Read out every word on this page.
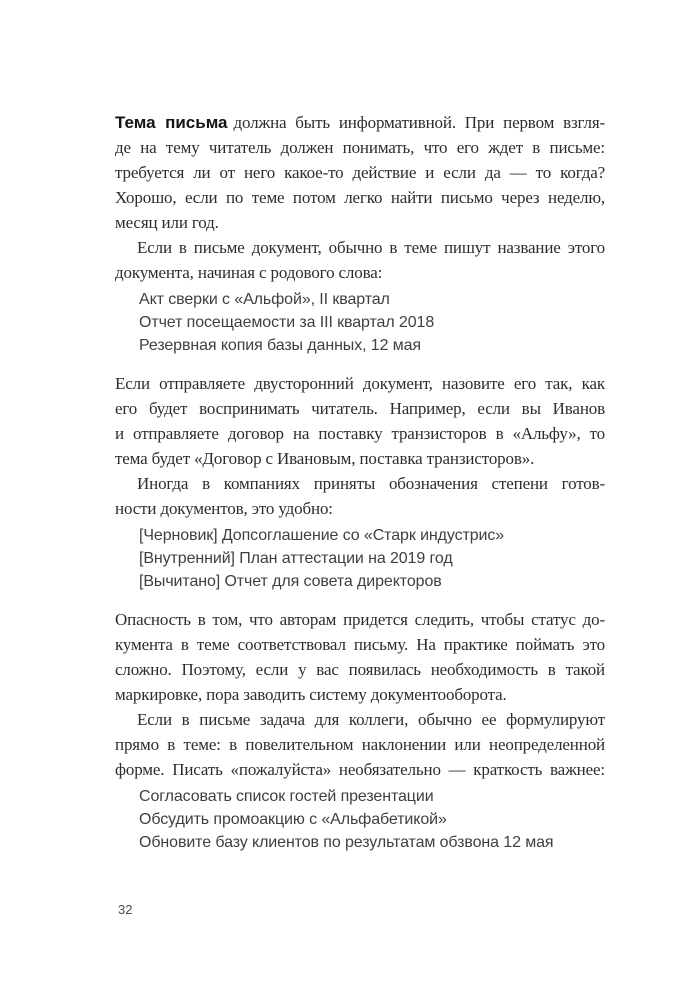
Тема письма должна быть информативной. При первом взгля-
де на тему читатель должен понимать, что его ждет в письме:
требуется ли от него какое-то действие и если да — то когда?
Хорошо, если по теме потом легко найти письмо через неделю,
месяц или год.
Если в письме документ, обычно в теме пишут название этого
документа, начиная с родового слова:
Акт сверки с «Альфой», II квартал
Отчет посещаемости за III квартал 2018
Резервная копия базы данных, 12 мая
Если отправляете двусторонний документ, назовите его так, как
его будет воспринимать читатель. Например, если вы Иванов
и отправляете договор на поставку транзисторов в «Альфу», то
тема будет «Договор с Ивановым, поставка транзисторов».
Иногда в компаниях приняты обозначения степени готов-
ности документов, это удобно:
[Черновик] Допсоглашение со «Старк индустрис»
[Внутренний] План аттестации на 2019 год
[Вычитано] Отчет для совета директоров
Опасность в том, что авторам придется следить, чтобы статус до-
кумента в теме соответствовал письму. На практике поймать это
сложно. Поэтому, если у вас появилась необходимость в такой
маркировке, пора заводить систему документооборота.
Если в письме задача для коллеги, обычно ее формулируют
прямо в теме: в повелительном наклонении или неопределенной
форме. Писать «пожалуйста» необязательно — краткость важнее:
Согласовать список гостей презентации
Обсудить промоакцию с «Альфабетикой»
Обновите базу клиентов по результатам обзвона 12 мая
32
